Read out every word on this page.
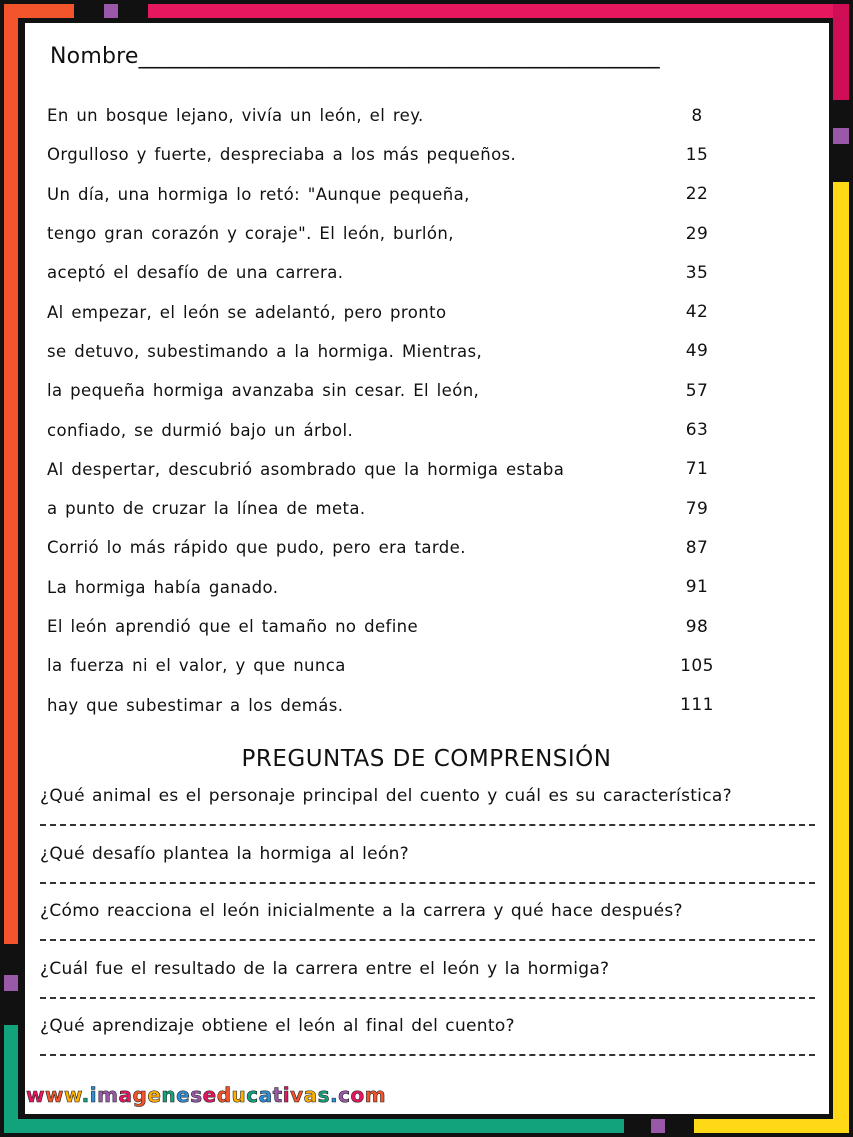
Nombre____________________________________________________
En un bosque lejano, vivía un león, el rey.	8
Orgulloso y fuerte, despreciaba a los más pequeños.	15
Un día, una hormiga lo retó: "Aunque pequeña,	22
tengo gran corazón y coraje". El león, burlón,	29
aceptó el desafío de una carrera.	35
Al empezar, el león se adelantó, pero pronto	42
se detuvo, subestimando a la hormiga. Mientras,	49
la pequeña hormiga avanzaba sin cesar. El león,	57
confiado, se durmió bajo un árbol.	63
Al despertar, descubrió asombrado que la hormiga estaba	71
a punto de cruzar la línea de meta.	79
Corrió lo más rápido que pudo, pero era tarde.	87
La hormiga había ganado.	91
El león aprendió que el tamaño no define	98
la fuerza ni el valor, y que nunca	105
hay que subestimar a los demás.	111
PREGUNTAS DE COMPRENSIÓN
¿Qué animal es el personaje principal del cuento y cuál es su característica?
¿Qué desafío plantea la hormiga al león?
¿Cómo reacciona el león inicialmente a la carrera y qué hace después?
¿Cuál fue el resultado de la carrera entre el león y la hormiga?
¿Qué aprendizaje obtiene el león al final del cuento?
www.imageneseducativas.com
